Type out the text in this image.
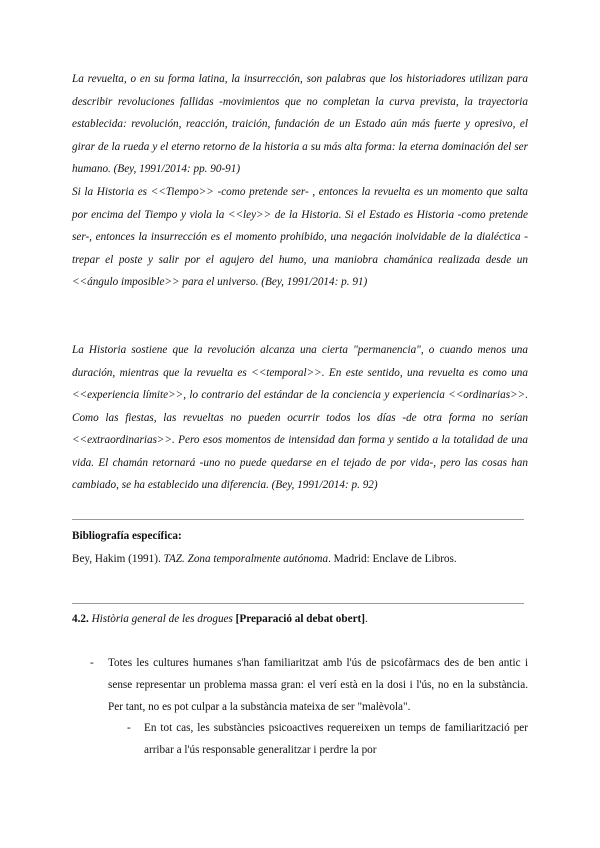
La revuelta, o en su forma latina, la insurrección, son palabras que los historiadores utilizan para describir revoluciones fallidas -movimientos que no completan la curva prevista, la trayectoria establecida: revolución, reacción, traición, fundación de un Estado aún más fuerte y opresivo, el girar de la rueda y el eterno retorno de la historia a su más alta forma: la eterna dominación del ser humano. (Bey, 1991/2014: pp. 90-91)

Si la Historia es <<Tiempo>> -como pretende ser- , entonces la revuelta es un momento que salta por encima del Tiempo y viola la <<ley>> de la Historia. Si el Estado es Historia -como pretende ser-, entonces la insurrección es el momento prohibido, una negación inolvidable de la dialéctica -trepar el poste y salir por el agujero del humo, una maniobra chamánica realizada desde un <<ángulo imposible>> para el universo. (Bey, 1991/2014: p. 91)

La Historia sostiene que la revolución alcanza una cierta "permanencia", o cuando menos una duración, mientras que la revuelta es <<temporal>>. En este sentido, una revuelta es como una <<experiencia límite>>, lo contrario del estándar de la conciencia y experiencia <<ordinarias>>. Como las fiestas, las revueltas no pueden ocurrir todos los días -de otra forma no serían <<extraordinarias>>. Pero esos momentos de intensidad dan forma y sentido a la totalidad de una vida. El chamán retornará -uno no puede quedarse en el tejado de por vida-, pero las cosas han cambiado, se ha establecido una diferencia. (Bey, 1991/2014: p. 92)

Bibliografía específica:

Bey, Hakim (1991). TAZ. Zona temporalmente autónoma. Madrid: Enclave de Libros.

4.2. Història general de les drogues [Preparació al debat obert].

- Totes les cultures humanes s'han familiaritzat amb l'ús de psicofàrmacs des de ben antic i sense representar un problema massa gran: el verí està en la dosi i l'ús, no en la substància. Per tant, no es pot culpar a la substància mateixa de ser "malèvola".

- En tot cas, les substàncies psicoactives requereixen un temps de familiarització per arribar a l'ús responsable generalitzar i perdre la por
